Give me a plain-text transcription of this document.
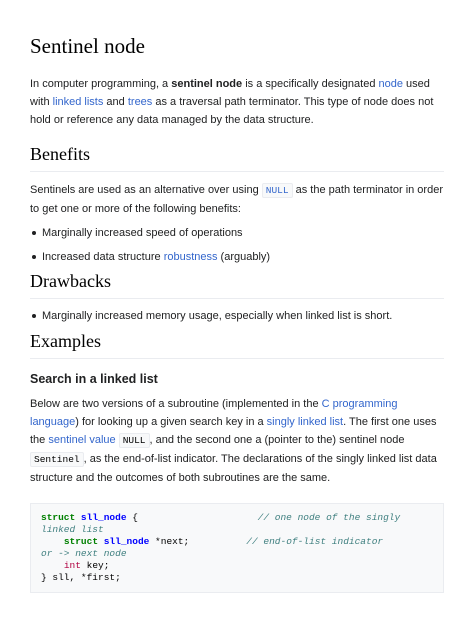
Sentinel node

In computer programming, a sentinel node is a specifically designated node used with linked lists and trees as a traversal path terminator. This type of node does not hold or reference any data managed by the data structure.

Benefits

Sentinels are used as an alternative over using NULL as the path terminator in order to get one or more of the following benefits:

Marginally increased speed of operations
Increased data structure robustness (arguably)
Drawbacks
Marginally increased memory usage, especially when linked list is short.
Examples
Search in a linked list

Below are two versions of a subroutine (implemented in the C programming language) for looking up a given search key in a singly linked list. The first one uses the sentinel value NULL , and the second one a (pointer to the) sentinel node Sentinel , as the end-of-list indicator. The declarations of the singly linked list data structure and the outcomes of both subroutines are the same.

struct sll_node {	// one node of the singly
linked list
struct sll_node *next;	// end-of-list indicator
or -> next node
int key;
} sll, *first;
